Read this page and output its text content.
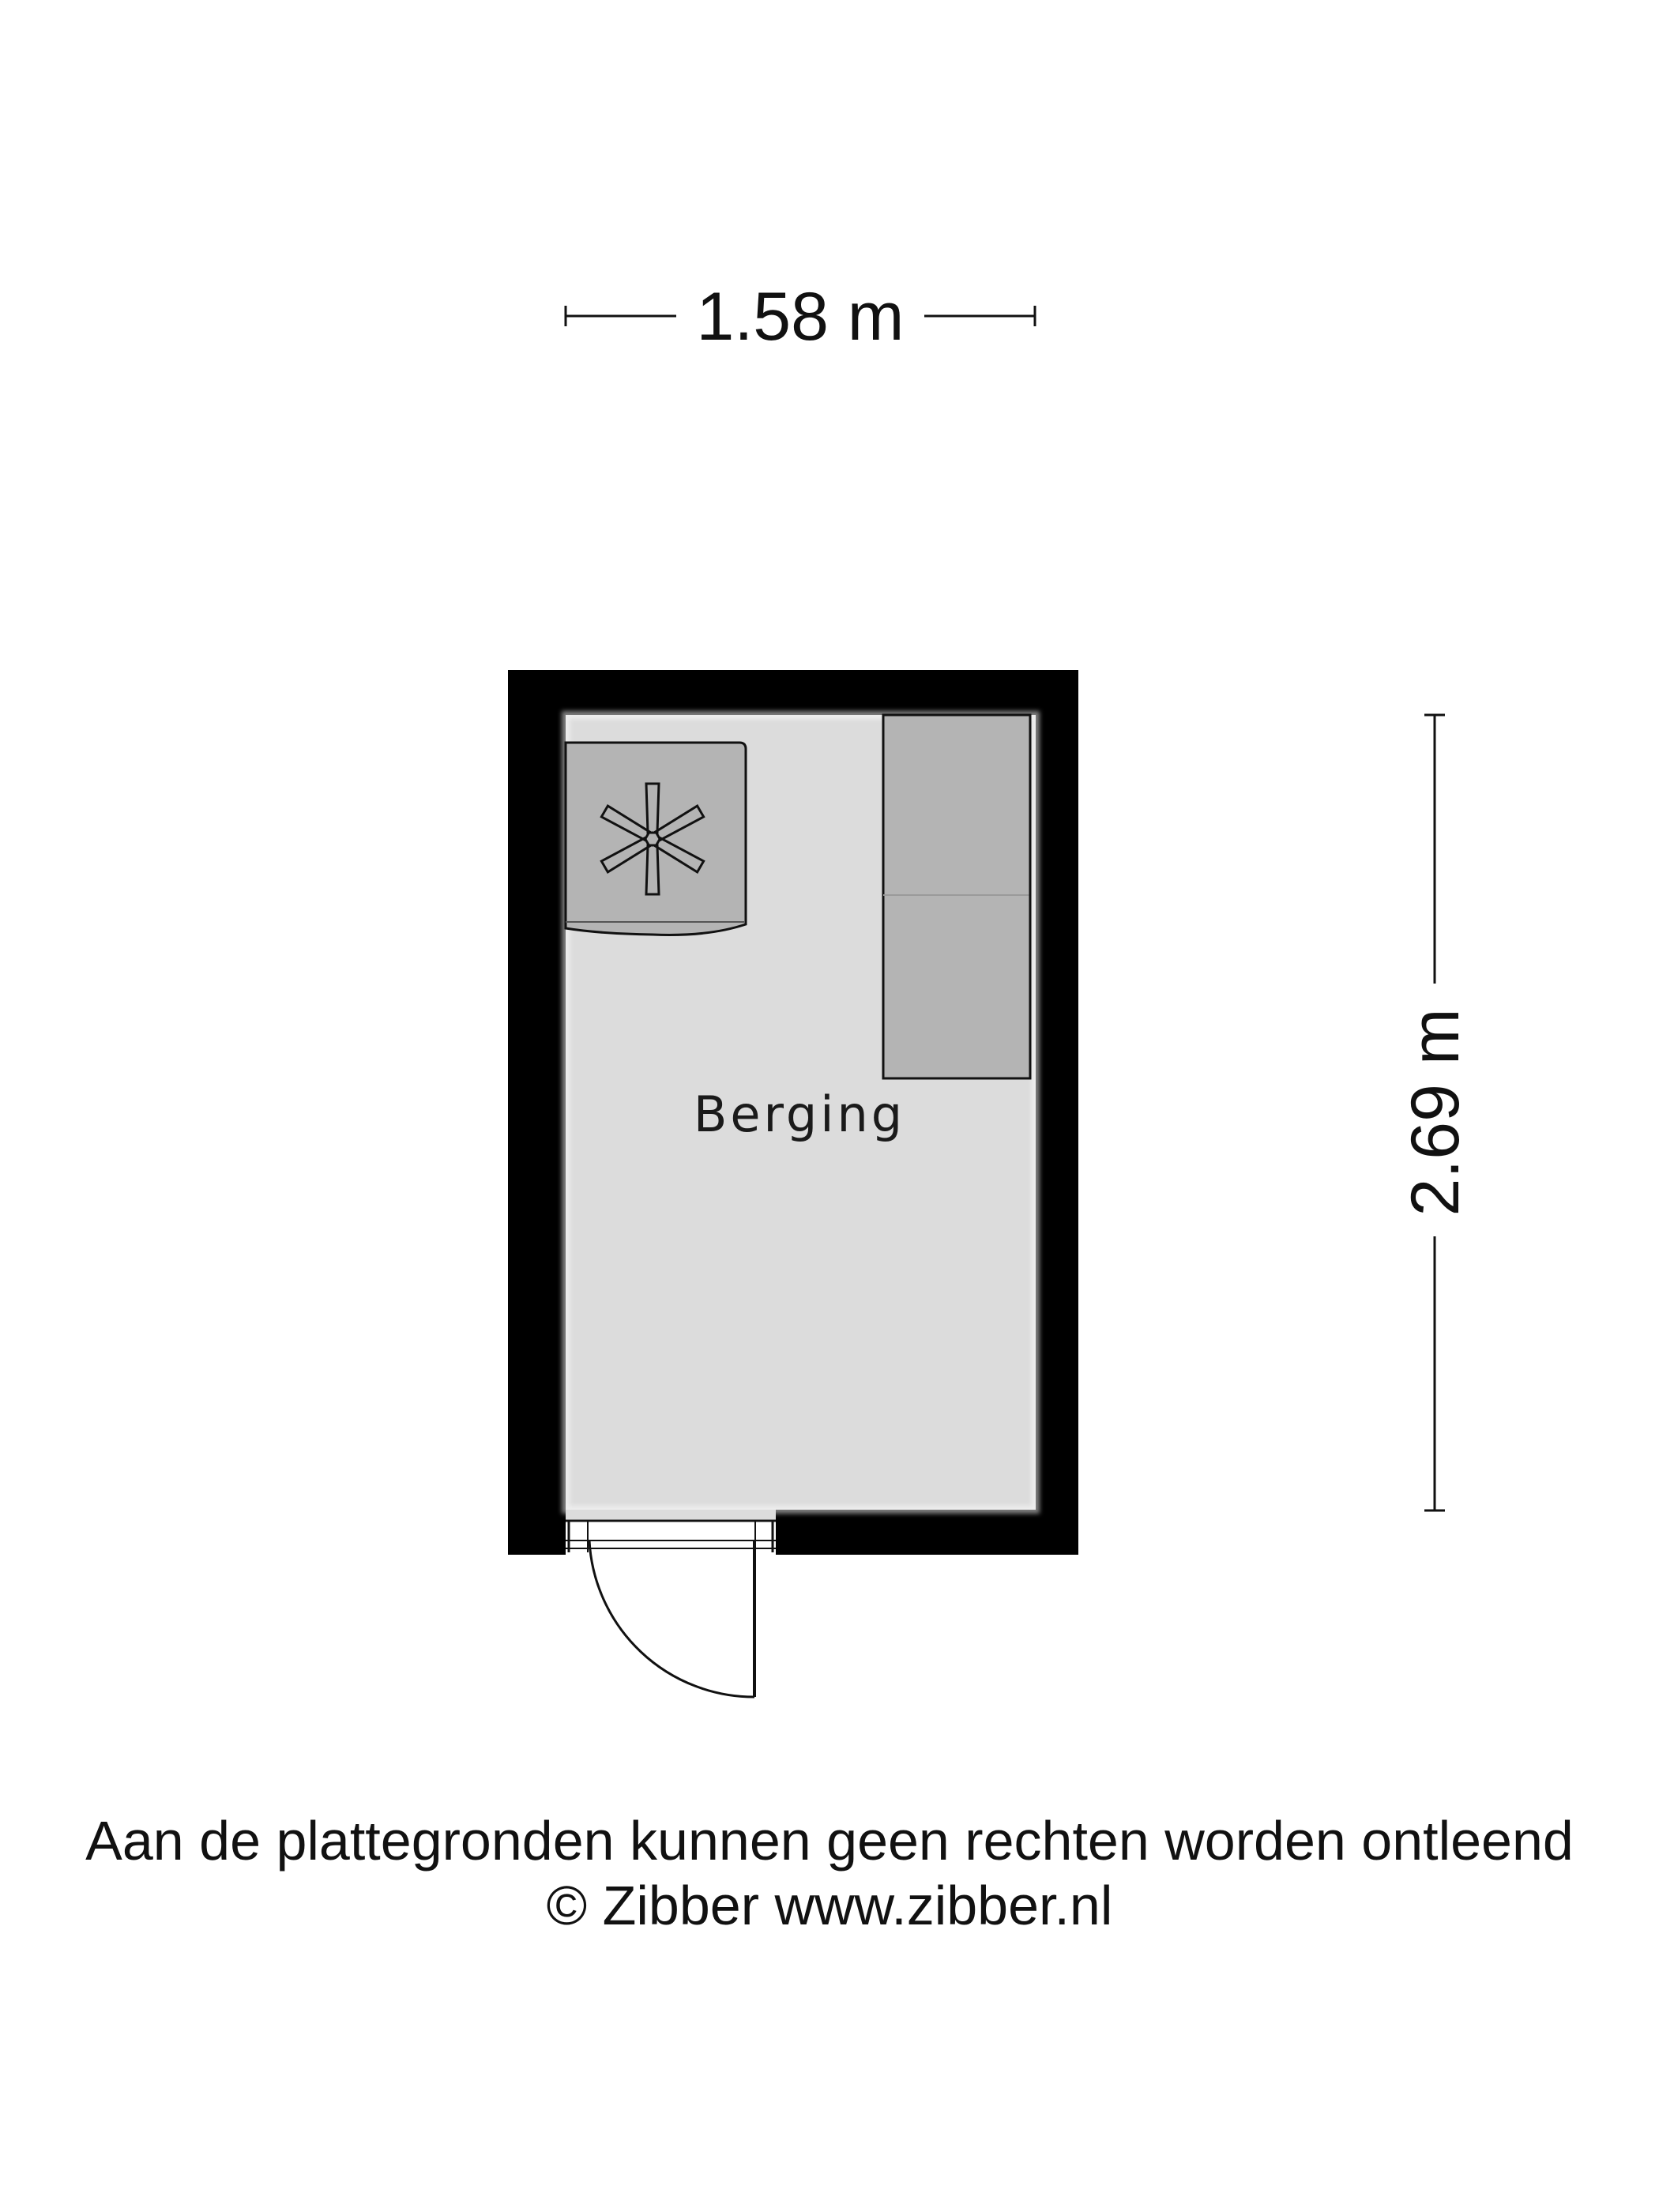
1.58 m
2.69 m
Berging
Aan de plattegronden kunnen geen rechten worden ontleend
© Zibber www.zibber.nl
